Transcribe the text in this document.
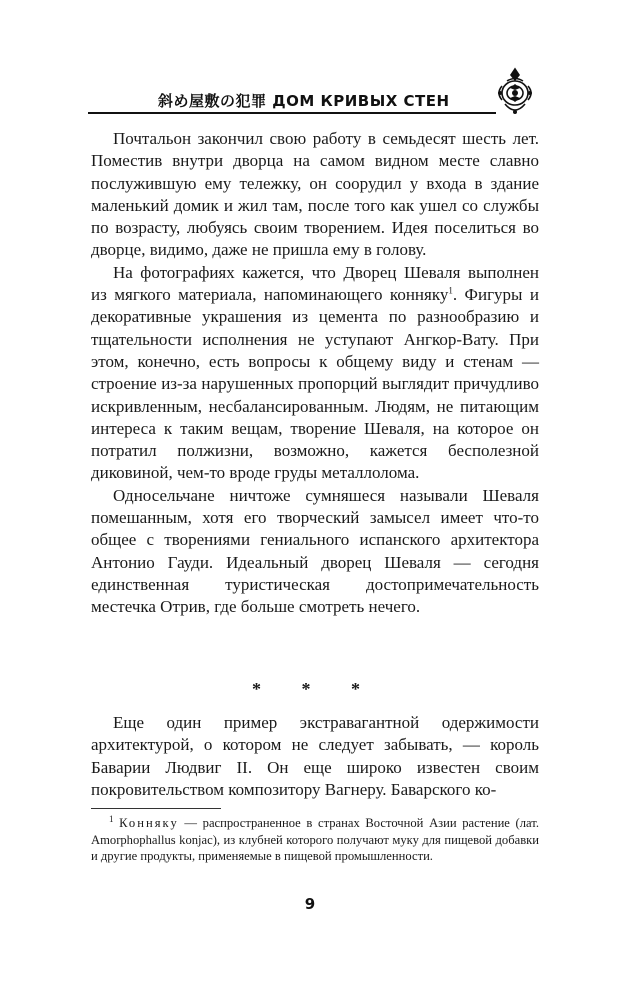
斜め屋敷の犯罪 ДОМ КРИВЫХ СТЕН

Почтальон закончил свою работу в семьдесят шесть лет. Поместив внутри дворца на самом видном месте славно послужившую ему тележку, он соорудил у входа в здание маленький домик и жил там, после того как ушел со службы по возрасту, любуясь своим творением. Идея поселиться во дворце, видимо, даже не пришла ему в голову.

На фотографиях кажется, что Дворец Шеваля выполнен из мягкого материала, напоминающего конняку$^1$. Фигуры и декоративные украшения из цемента по разнообразию и тщательности исполнения не уступают Ангкор-Вату. При этом, конечно, есть вопросы к общему виду и стенам — строение из-за нарушенных пропорций выглядит причудливо искривленным, несбалансированным. Людям, не питающим интереса к таким вещам, творение Шеваля, на которое он потратил полжизни, возможно, кажется бесполезной диковиной, чем-то вроде груды металлолома.

Односельчане ничтоже сумняшеся называли Шеваля помешанным, хотя его творческий замысел имеет что-то общее с творениями гениального испанского архитектора Антонио Гауди. Идеальный дворец Шеваля — сегодня единственная туристическая достопримечательность местечка Отрив, где больше смотреть нечего.

* * *

Еще один пример экстравагантной одержимости архитектурой, о котором не следует забывать, — король Баварии Людвиг II. Он еще широко известен своим покровительством композитору Вагнеру. Баварского ко-

$^1$ Конняку — распространенное в странах Восточной Азии растение (лат. Amorphophallus konjac), из клубней которого получают муку для пищевой добавки и другие продукты, применяемые в пищевой промышленности.

9
